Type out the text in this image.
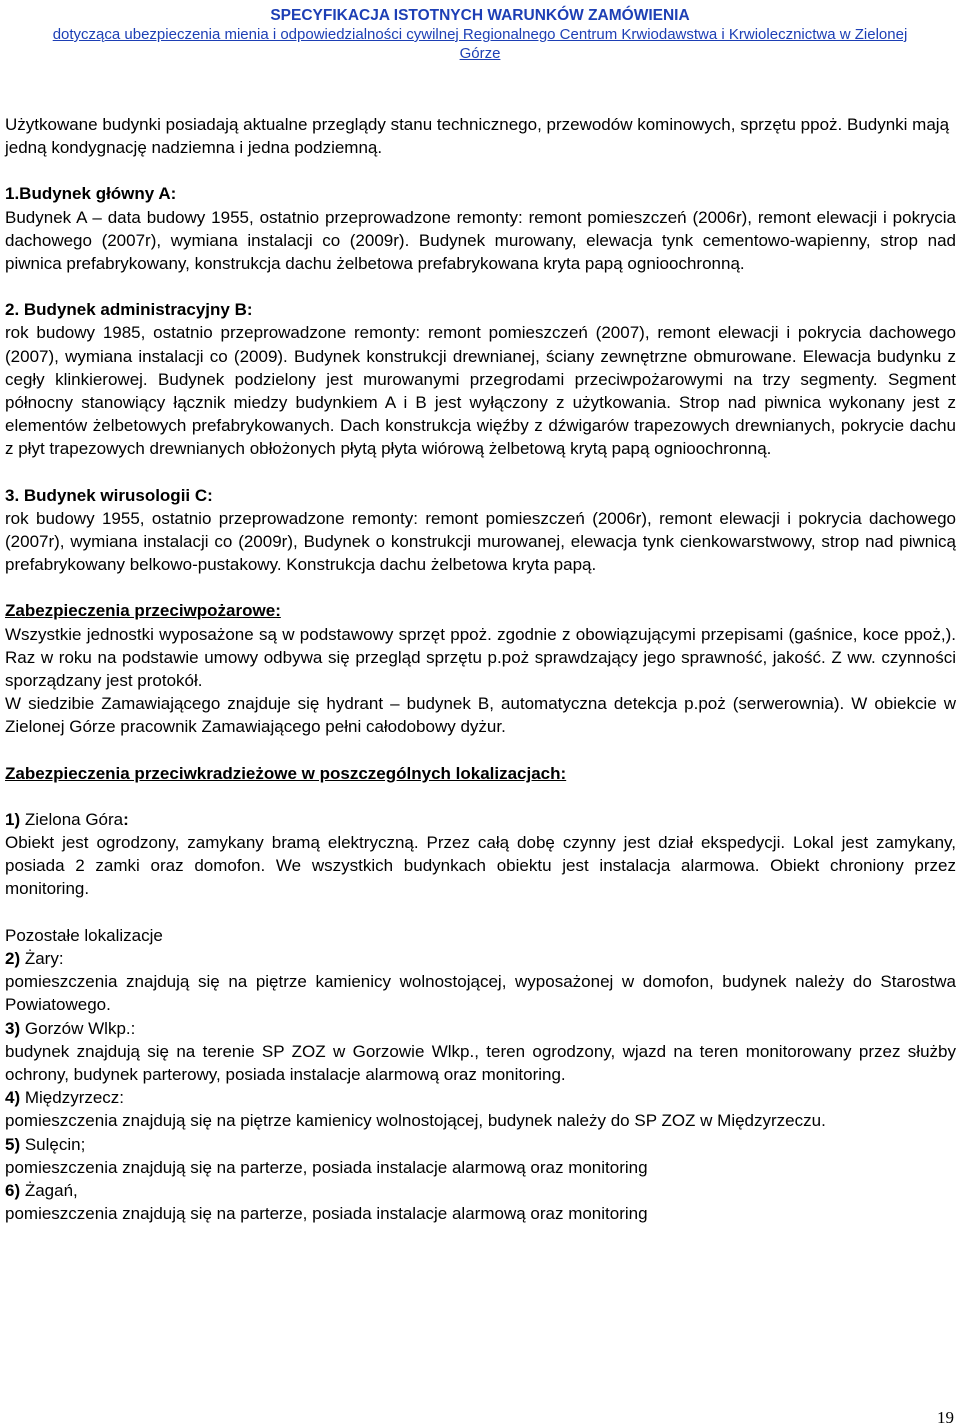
SPECYFIKACJA ISTOTNYCH WARUNKÓW ZAMÓWIENIA
dotycząca ubezpieczenia mienia i odpowiedzialności cywilnej Regionalnego Centrum Krwiodawstwa i Krwiolecznictwa w Zielonej
Górze

Użytkowane budynki posiadają aktualne przeglądy stanu technicznego, przewodów kominowych, sprzętu ppoż. Budynki mają jedną kondygnację nadziemna i jedna podziemną.

1.Budynek główny A:

Budynek A – data budowy 1955, ostatnio przeprowadzone remonty: remont pomieszczeń (2006r), remont elewacji i pokrycia dachowego (2007r), wymiana instalacji co (2009r). Budynek murowany, elewacja tynk cementowo-wapienny, strop nad piwnica prefabrykowany, konstrukcja dachu żelbetowa prefabrykowana kryta papą ognioochronną.

2. Budynek administracyjny B:

rok budowy 1985, ostatnio przeprowadzone remonty: remont pomieszczeń (2007), remont elewacji i pokrycia dachowego (2007), wymiana instalacji co (2009). Budynek konstrukcji drewnianej, ściany zewnętrzne obmurowane. Elewacja budynku z cegły klinkierowej. Budynek podzielony jest murowanymi przegrodami przeciwpożarowymi na trzy segmenty. Segment północny stanowiący łącznik miedzy budynkiem A i B jest wyłączony z użytkowania. Strop nad piwnica wykonany jest z elementów żelbetowych prefabrykowanych. Dach konstrukcja więźby z dźwigarów trapezowych drewnianych, pokrycie dachu z płyt trapezowych drewnianych obłożonych płytą płyta wiórową żelbetową krytą papą ognioochronną.

3. Budynek wirusologii C:

rok budowy 1955, ostatnio przeprowadzone remonty: remont pomieszczeń (2006r), remont elewacji i pokrycia dachowego (2007r), wymiana instalacji co (2009r), Budynek o konstrukcji murowanej, elewacja tynk cienkowarstwowy, strop nad piwnicą prefabrykowany belkowo-pustakowy. Konstrukcja dachu żelbetowa kryta papą.

Zabezpieczenia przeciwpożarowe:

Wszystkie jednostki wyposażone są w podstawowy sprzęt ppoż. zgodnie z obowiązującymi przepisami (gaśnice, koce ppoż,). Raz w roku na podstawie umowy odbywa się przegląd sprzętu p.poż sprawdzający jego sprawność, jakość. Z ww. czynności sporządzany jest protokół.

W siedzibie Zamawiającego znajduje się hydrant – budynek B, automatyczna detekcja p.poż (serwerownia). W obiekcie w Zielonej Górze pracownik Zamawiającego pełni całodobowy dyżur.

Zabezpieczenia przeciwkradzieżowe w poszczególnych lokalizacjach:

1) Zielona Góra:

Obiekt jest ogrodzony, zamykany bramą elektryczną. Przez całą dobę czynny jest dział ekspedycji. Lokal jest zamykany, posiada 2 zamki oraz domofon. We wszystkich budynkach obiektu jest instalacja alarmowa. Obiekt chroniony przez monitoring.

Pozostałe lokalizacje

2) Żary:

pomieszczenia znajdują się na piętrze kamienicy wolnostojącej, wyposażonej w domofon, budynek należy do Starostwa Powiatowego.

3) Gorzów Wlkp.:

budynek znajdują się na terenie SP ZOZ w Gorzowie Wlkp., teren ogrodzony, wjazd na teren monitorowany przez służby ochrony, budynek parterowy, posiada instalacje alarmową oraz monitoring.

4) Międzyrzecz:

pomieszczenia znajdują się na piętrze kamienicy wolnostojącej, budynek należy do SP ZOZ w Międzyrzeczu.

5) Sulęcin;

pomieszczenia znajdują się na parterze, posiada instalacje alarmową oraz monitoring

6) Żagań,

pomieszczenia znajdują się na parterze, posiada instalacje alarmową oraz monitoring

19
